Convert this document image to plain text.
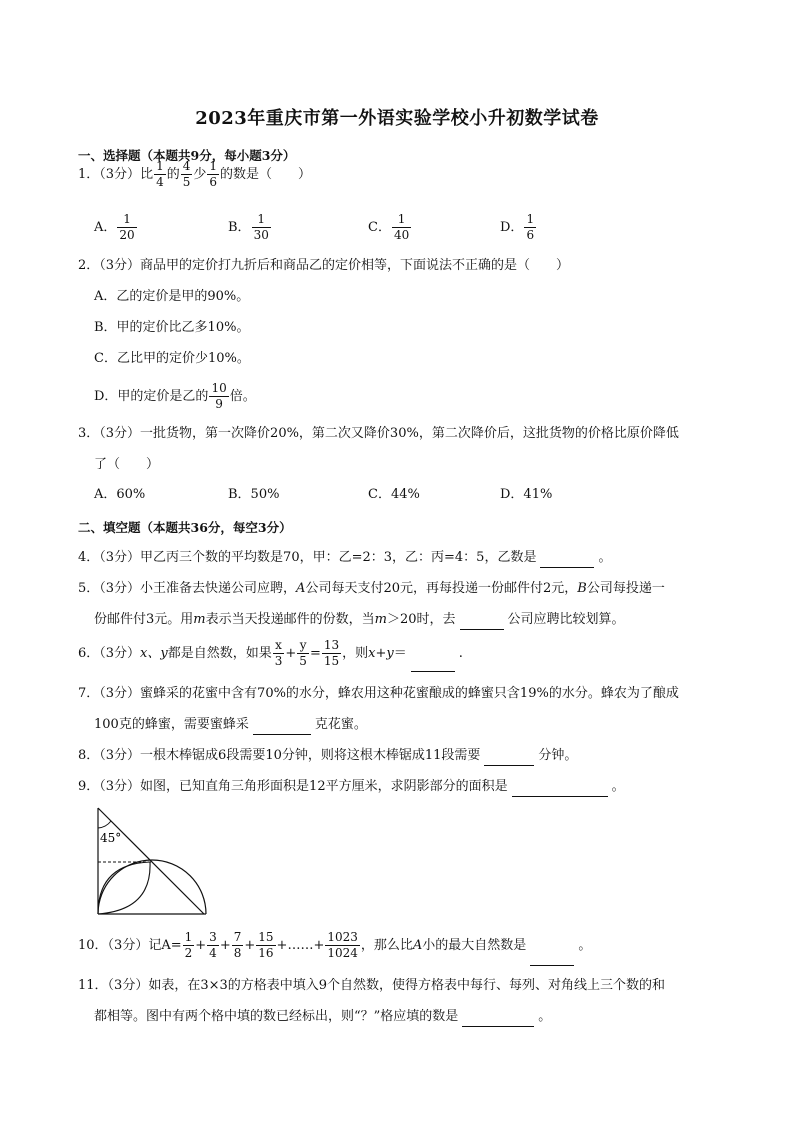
2023年重庆市第一外语实验学校小升初数学试卷
一、选择题（本题共9分，每小题3分）
1．（3分）比 $\frac{1}{4}$ 的 $\frac{4}{5}$ 少 $\frac{1}{6}$ 的数是（　　）
A． $\frac{1}{20}$	B． $\frac{1}{30}$	C． $\frac{1}{40}$	D． $\frac{1}{6}$
2．（3分）商品甲的定价打九折后和商品乙的定价相等，下面说法不正确的是（　　）
A．乙的定价是甲的90%。
B．甲的定价比乙多10%。
C．乙比甲的定价少10%。
D．甲的定价是乙的 $\frac{10}{9}$ 倍。
3．（3分）一批货物，第一次降价20%，第二次又降价30%，第二次降价后，这批货物的价格比原价降低
了（　　）
A．60%	B．50%	C．44%	D．41%
二、填空题（本题共36分，每空3分）
4．（3分）甲乙丙三个数的平均数是70，甲：乙=2：3，乙：丙=4：5，乙数是	。
5．（3分）小王准备去快递公司应聘，A公司每天支付20元，再每投递一份邮件付2元，B公司每投递一
份邮件付3元。用m表示当天投递邮件的份数，当m＞20时，去	公司应聘比较划算。
6．（3分）x、y都是自然数，如果 $\frac{x}{3} + \frac{y}{5} = \frac{13}{15}$ ，则x+y＝	.
7．（3分）蜜蜂采的花蜜中含有70%的水分，蜂农用这种花蜜酿成的蜂蜜只含19%的水分。蜂农为了酿成
100克的蜂蜜，需要蜜蜂采	克花蜜。
8．（3分）一根木棒锯成6段需要10分钟，则将这根木棒锯成11段需要	分钟。
9．（3分）如图，已知直角三角形面积是12平方厘米，求阴影部分的面积是	。
45°
10．（3分）记$A= \frac{1}{2} + \frac{3}{4} + \frac{7}{8} + \frac{15}{16}$ +……+ $\frac{1023}{1024}$ ，那么比A小的最大自然数是	。
11．（3分）如表，在3×3的方格表中填入9个自然数，使得方格表中每行、每列、对角线上三个数的和
都相等。图中有两个格中填的数已经标出，则“？”格应填的数是	。
